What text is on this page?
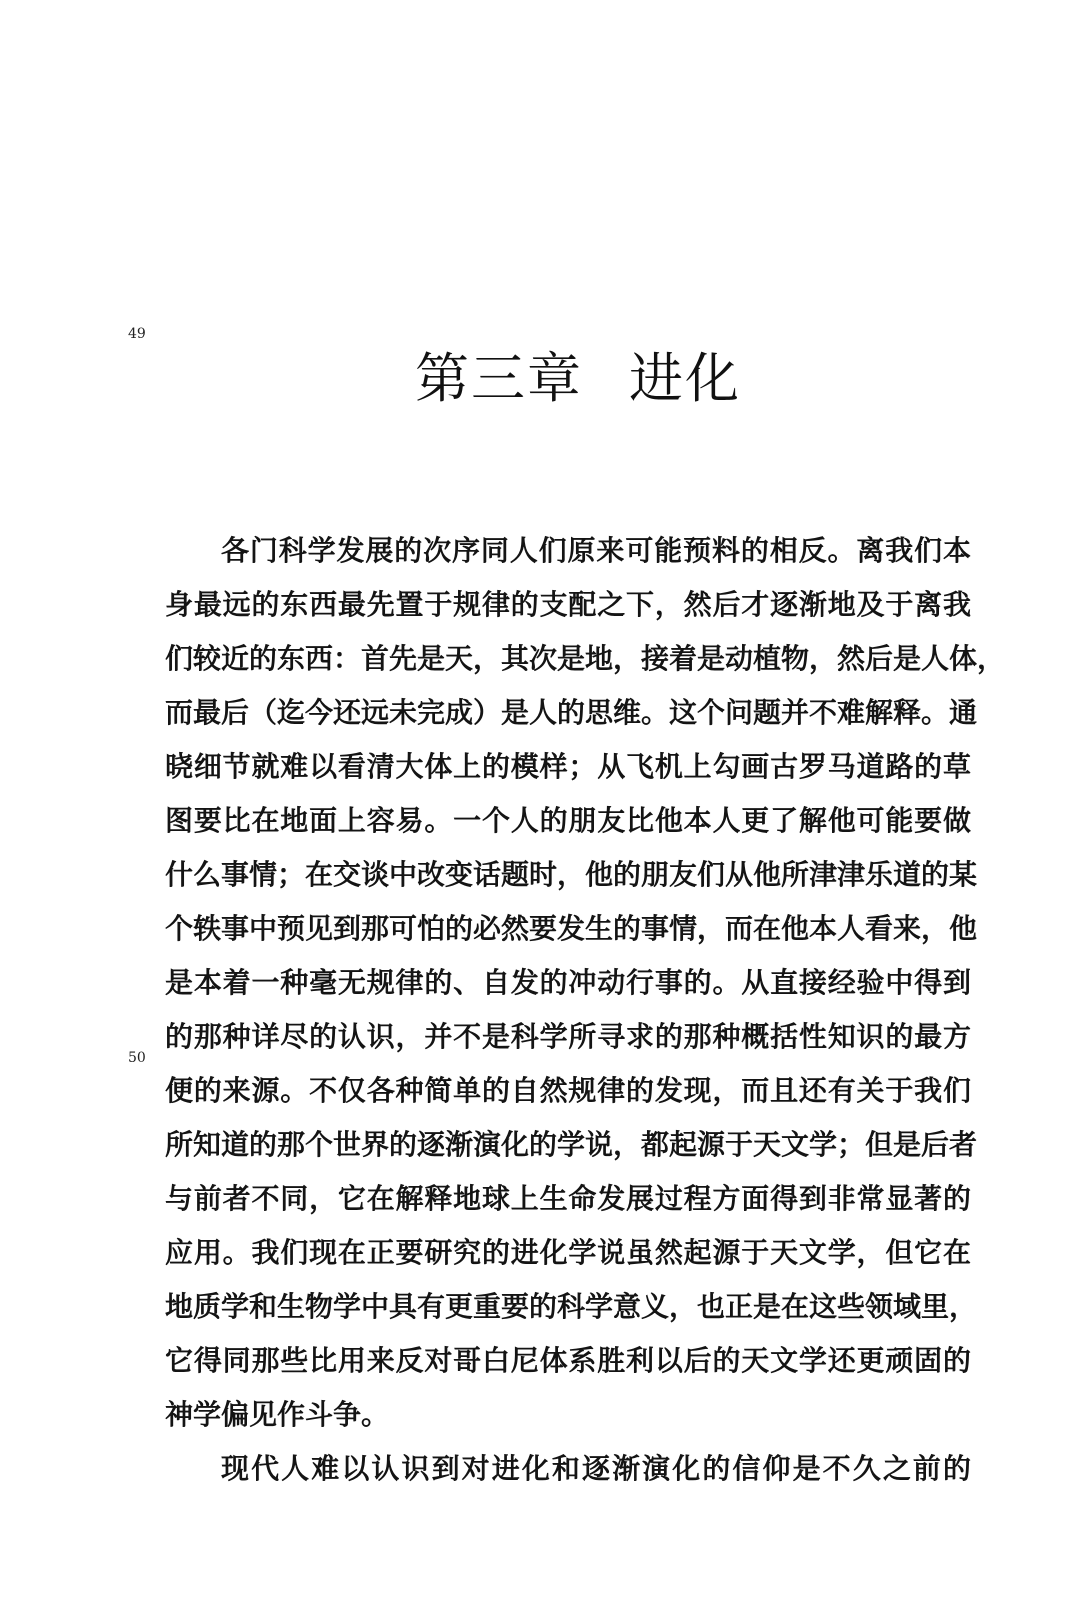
49
第三章 进化
各门科学发展的次序同人们原来可能预料的相反。离我们本
身最远的东西最先置于规律的支配之下，然后才逐渐地及于离我
们较近的东西：首先是天，其次是地，接着是动植物，然后是人体，
而最后（迄今还远未完成）是人的思维。这个问题并不难解释。通
晓细节就难以看清大体上的模样；从飞机上勾画古罗马道路的草
图要比在地面上容易。一个人的朋友比他本人更了解他可能要做
什么事情；在交谈中改变话题时，他的朋友们从他所津津乐道的某
个轶事中预见到那可怕的必然要发生的事情，而在他本人看来，他
是本着一种毫无规律的、自发的冲动行事的。从直接经验中得到
的那种详尽的认识，并不是科学所寻求的那种概括性知识的最方
便的来源。不仅各种简单的自然规律的发现，而且还有关于我们
所知道的那个世界的逐渐演化的学说，都起源于天文学；但是后者
与前者不同，它在解释地球上生命发展过程方面得到非常显著的
应用。我们现在正要研究的进化学说虽然起源于天文学，但它在
地质学和生物学中具有更重要的科学意义，也正是在这些领域里，
它得同那些比用来反对哥白尼体系胜利以后的天文学还更顽固的
神学偏见作斗争。
现代人难以认识到对进化和逐渐演化的信仰是不久之前的
50
